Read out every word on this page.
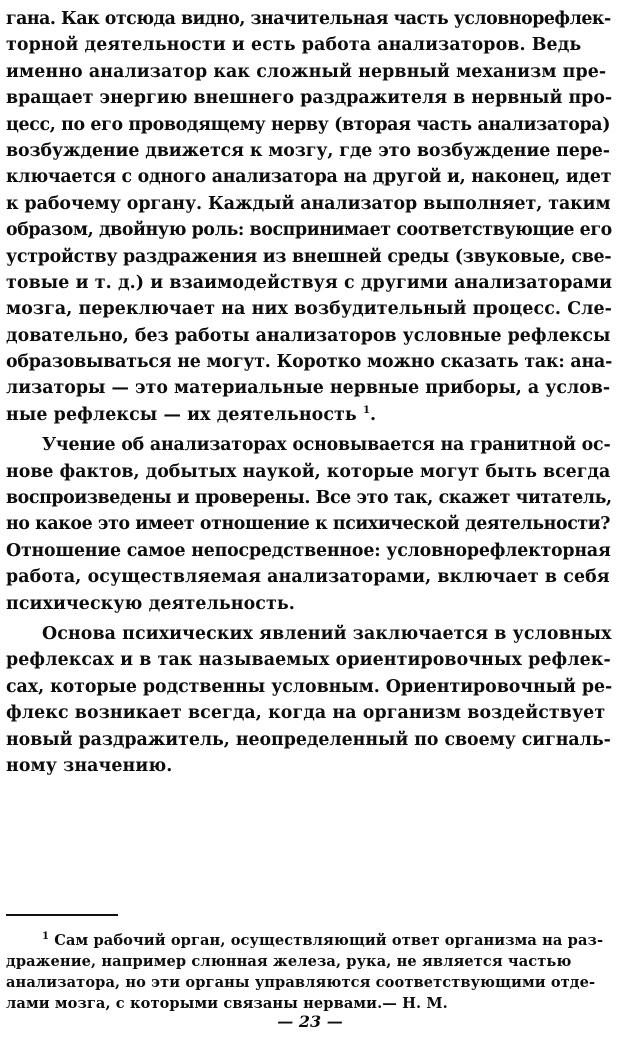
гана. Как отсюда видно, значительная часть условнорефлек-
торной деятельности и есть работа анализаторов. Ведь
именно анализатор как сложный нервный механизм пре-
вращает энергию внешнего раздражителя в нервный про-
цесс, по его проводящему нерву (вторая часть анализатора)
возбуждение движется к мозгу, где это возбуждение пере-
ключается с одного анализатора на другой и, наконец, идет
к рабочему органу. Каждый анализатор выполняет, таким
образом, двойную роль: воспринимает соответствующие его
устройству раздражения из внешней среды (звуковые, све-
товые и т. д.) и взаимодействуя с другими анализаторами
мозга, переключает на них возбудительный процесс. Сле-
довательно, без работы анализаторов условные рефлексы
образовываться не могут. Коротко можно сказать так: ана-
лизаторы — это материальные нервные приборы, а услов-
ные рефлексы — их деятельность $^1$.
Учение об анализаторах основывается на гранитной ос-
нове фактов, добытых наукой, которые могут быть всегда
воспроизведены и проверены. Все это так, скажет читатель,
но какое это имеет отношение к психической деятельности?
Отношение самое непосредственное: условнорефлекторная
работа, осуществляемая анализаторами, включает в себя
психическую деятельность.
Основа психических явлений заключается в условных
рефлексах и в так называемых ориентировочных рефлек-
сах, которые родственны условным. Ориентировочный ре-
флекс возникает всегда, когда на организм воздействует
новый раздражитель, неопределенный по своему сигналь-
ному значению.
$^1$ Сам рабочий орган, осуществляющий ответ организма на раз-
дражение, например слюнная железа, рука, не является частью
анализатора, но эти органы управляются соответствующими отде-
лами мозга, с которыми связаны нервами.— Н. М.
— 23 —
